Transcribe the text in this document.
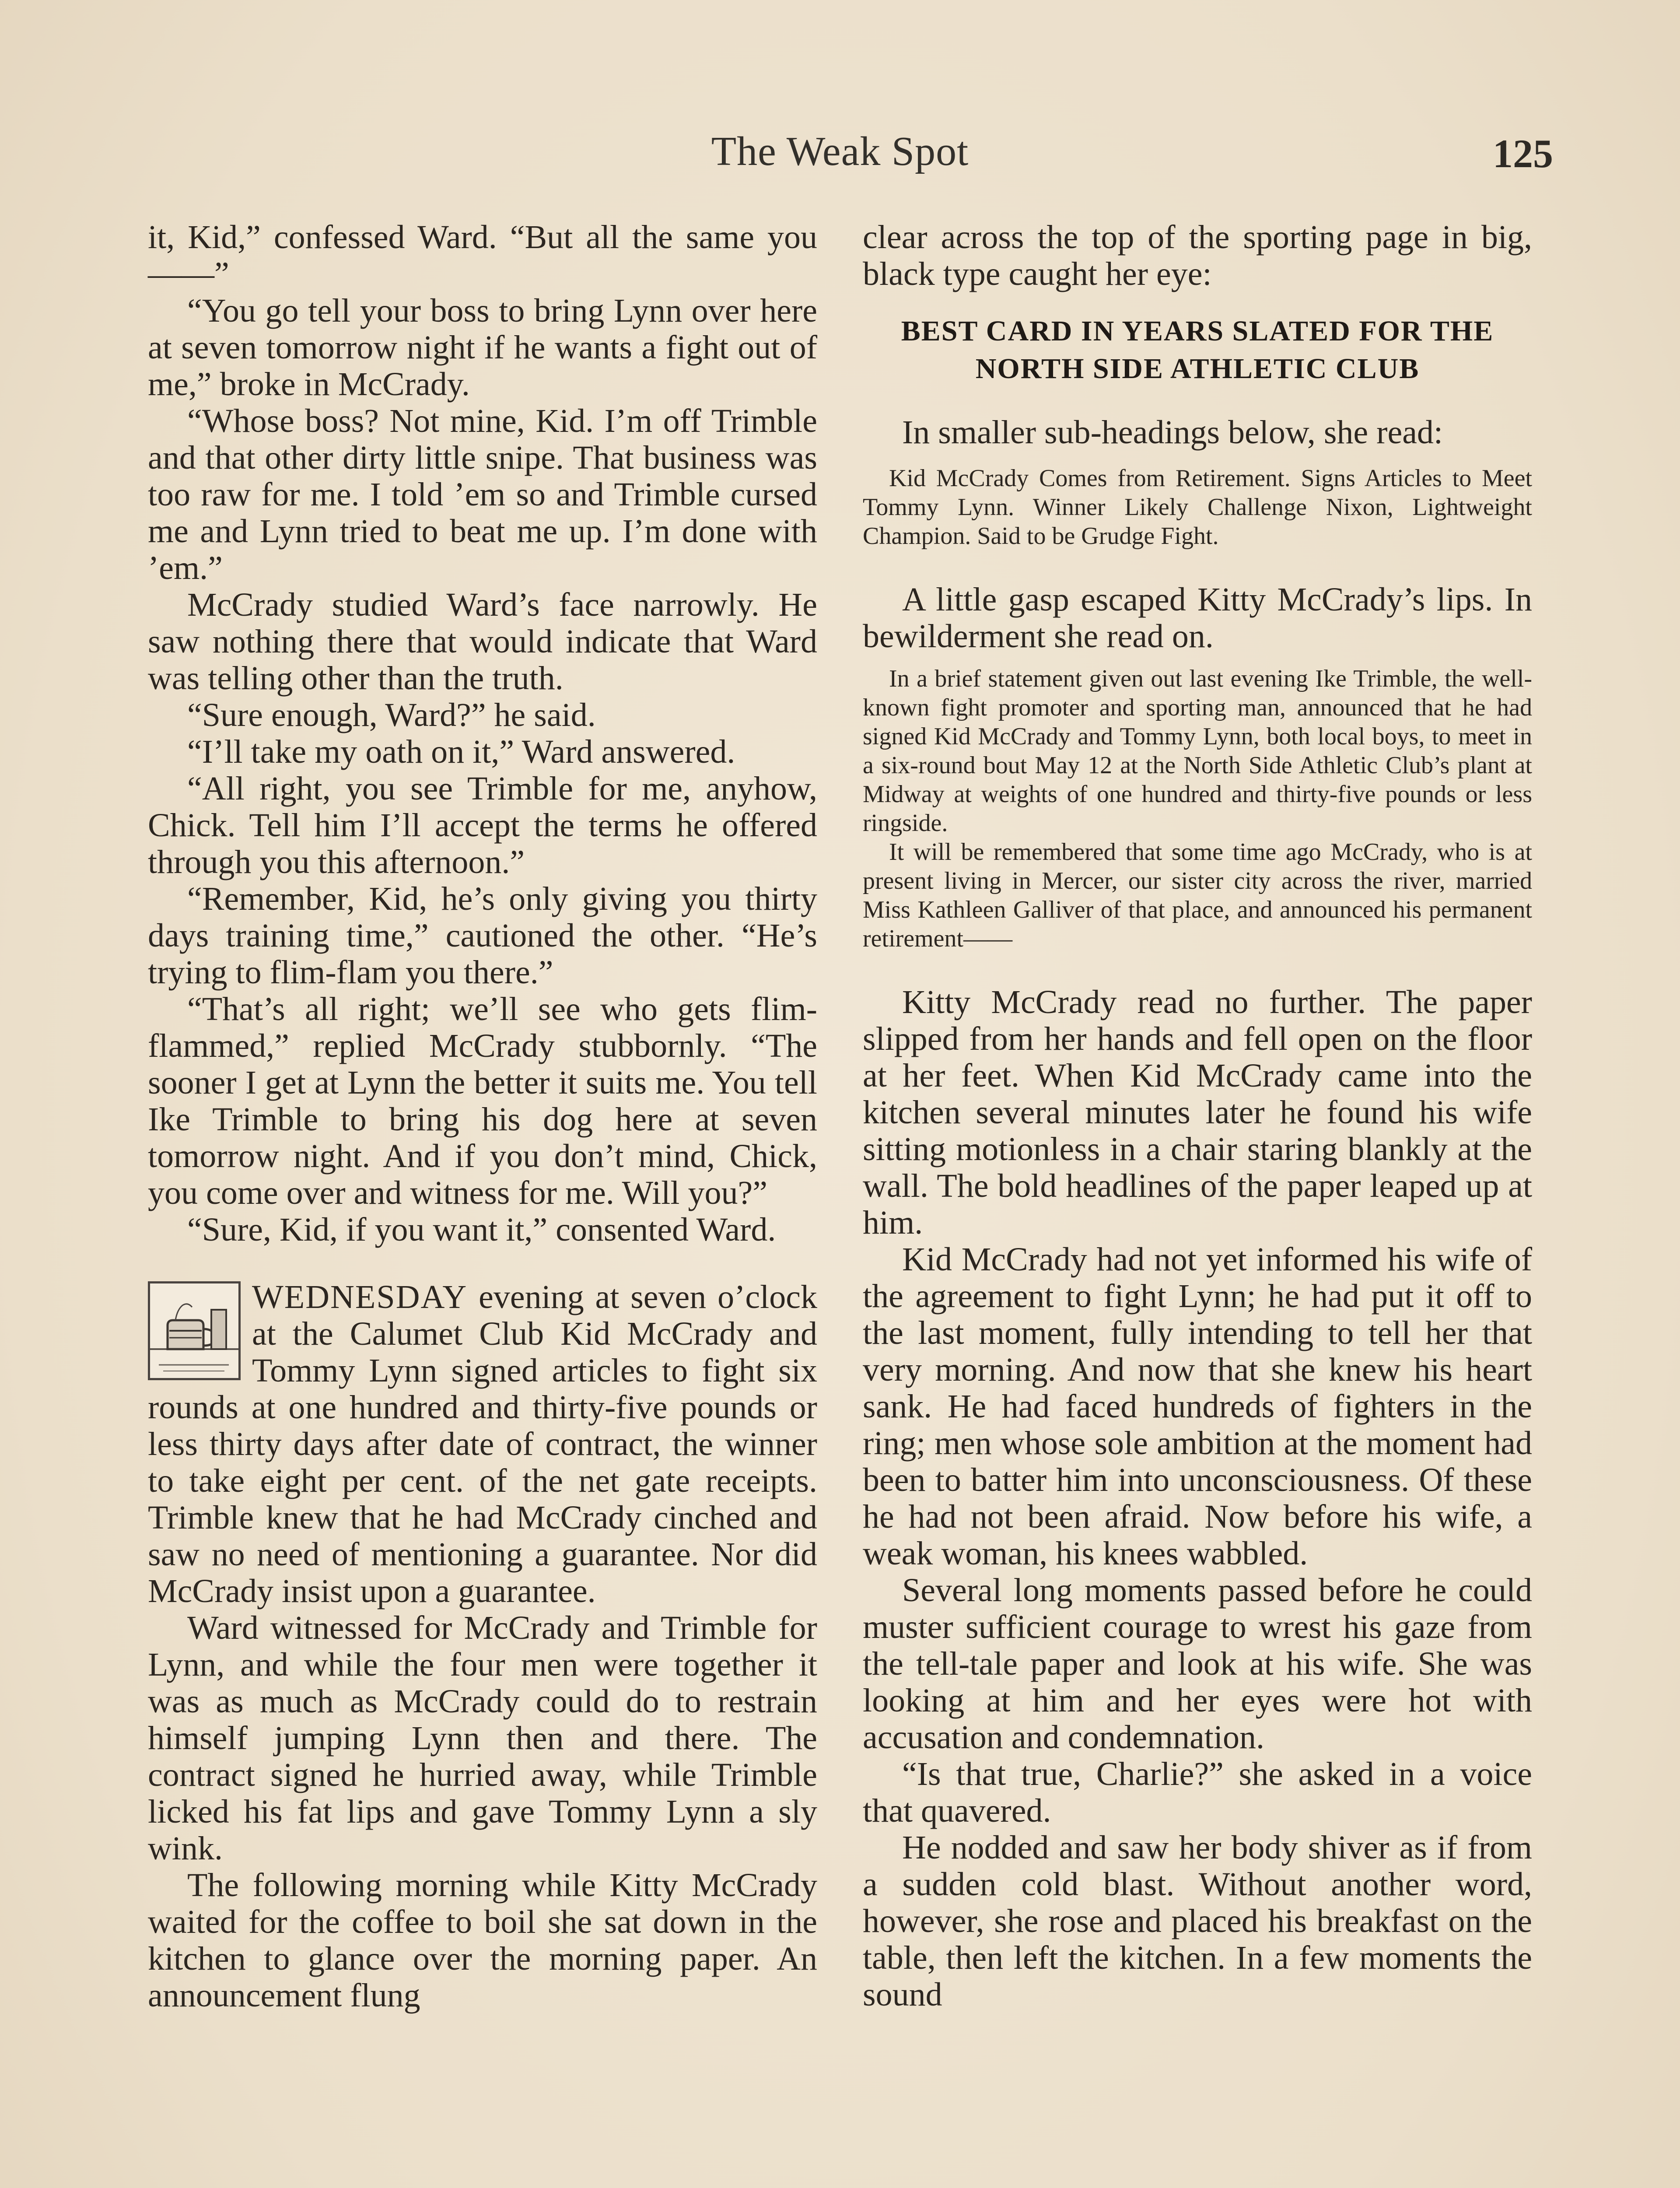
The Weak Spot	125

it, Kid,” confessed Ward. “But all the same you——”

“You go tell your boss to bring Lynn over here at seven tomorrow night if he wants a fight out of me,” broke in McCrady.

“Whose boss? Not mine, Kid. I’m off Trimble and that other dirty little snipe. That business was too raw for me. I told ’em so and Trimble cursed me and Lynn tried to beat me up. I’m done with ’em.”

McCrady studied Ward’s face narrowly. He saw nothing there that would indicate that Ward was telling other than the truth.

“Sure enough, Ward?” he said.

“I’ll take my oath on it,” Ward answered.

“All right, you see Trimble for me, anyhow, Chick. Tell him I’ll accept the terms he offered through you this afternoon.”

“Remember, Kid, he’s only giving you thirty days training time,” cautioned the other. “He’s trying to flim-flam you there.”

“That’s all right; we’ll see who gets flim-flammed,” replied McCrady stubbornly. “The sooner I get at Lynn the better it suits me. You tell Ike Trimble to bring his dog here at seven tomorrow night. And if you don’t mind, Chick, you come over and witness for me. Will you?”

“Sure, Kid, if you want it,” consented Ward.

WEDNESDAY evening at seven o’clock at the Calumet Club Kid McCrady and Tommy Lynn signed articles to fight six rounds at one hundred and thirty-five pounds or less thirty days after date of contract, the winner to take eight per cent. of the net gate receipts. Trimble knew that he had McCrady cinched and saw no need of mentioning a guarantee. Nor did McCrady insist upon a guarantee.

Ward witnessed for McCrady and Trimble for Lynn, and while the four men were together it was as much as McCrady could do to restrain himself jumping Lynn then and there. The contract signed he hurried away, while Trimble licked his fat lips and gave Tommy Lynn a sly wink.

The following morning while Kitty McCrady waited for the coffee to boil she sat down in the kitchen to glance over the morning paper. An announcement flung

clear across the top of the sporting page in big, black type caught her eye:

BEST CARD IN YEARS SLATED FOR THE NORTH SIDE ATHLETIC CLUB

In smaller sub-headings below, she read:

Kid McCrady Comes from Retirement. Signs Articles to Meet Tommy Lynn. Winner Likely Challenge Nixon, Lightweight Champion. Said to be Grudge Fight.

A little gasp escaped Kitty McCrady’s lips. In bewilderment she read on.

In a brief statement given out last evening Ike Trimble, the well-known fight promoter and sporting man, announced that he had signed Kid McCrady and Tommy Lynn, both local boys, to meet in a six-round bout May 12 at the North Side Athletic Club’s plant at Midway at weights of one hundred and thirty-five pounds or less ringside.

It will be remembered that some time ago McCrady, who is at present living in Mercer, our sister city across the river, married Miss Kathleen Galliver of that place, and announced his permanent retirement——

Kitty McCrady read no further. The paper slipped from her hands and fell open on the floor at her feet. When Kid McCrady came into the kitchen several minutes later he found his wife sitting motionless in a chair staring blankly at the wall. The bold headlines of the paper leaped up at him.

Kid McCrady had not yet informed his wife of the agreement to fight Lynn; he had put it off to the last moment, fully intending to tell her that very morning. And now that she knew his heart sank. He had faced hundreds of fighters in the ring; men whose sole ambition at the moment had been to batter him into unconsciousness. Of these he had not been afraid. Now before his wife, a weak woman, his knees wabbled.

Several long moments passed before he could muster sufficient courage to wrest his gaze from the tell-tale paper and look at his wife. She was looking at him and her eyes were hot with accusation and condemnation.

“Is that true, Charlie?” she asked in a voice that quavered.

He nodded and saw her body shiver as if from a sudden cold blast. Without another word, however, she rose and placed his breakfast on the table, then left the kitchen. In a few moments the sound
